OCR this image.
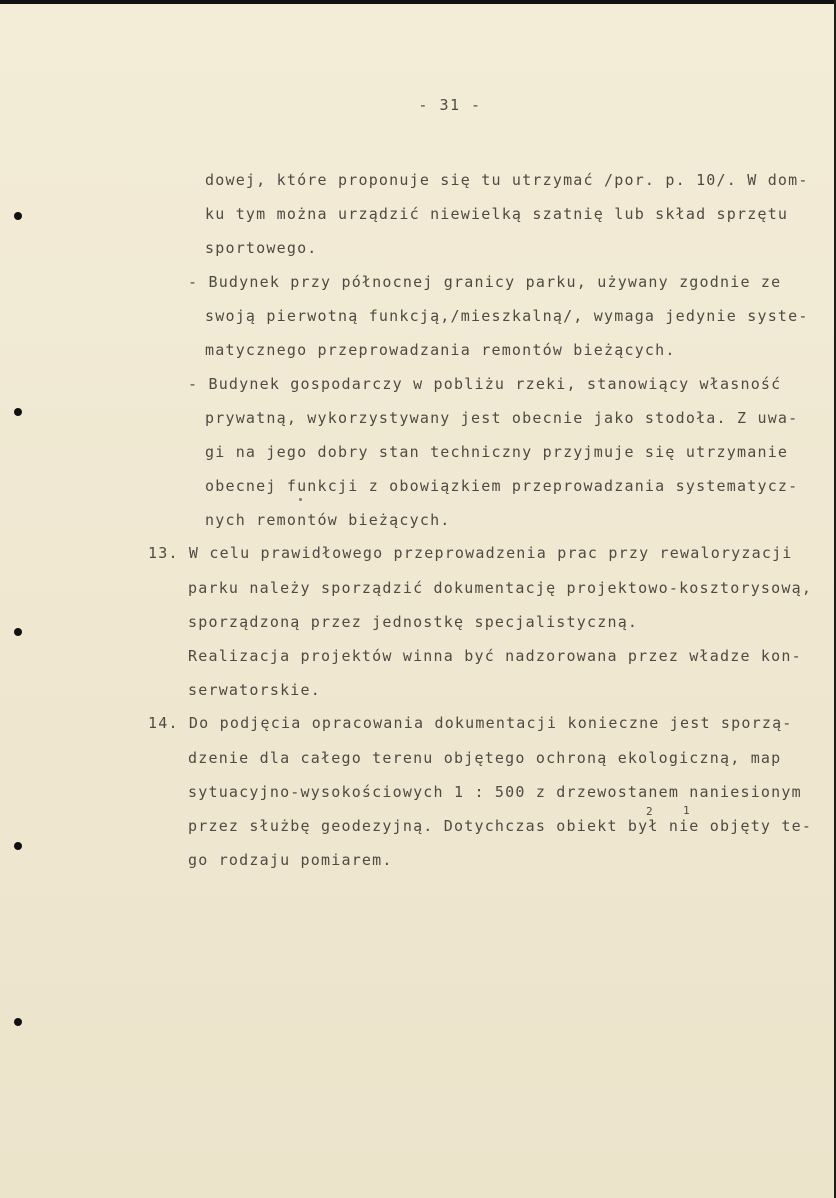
- 31 -
dowej, które proponuje się tu utrzymać /por. p. 10/. W dom-
ku tym można urządzić niewielką szatnię lub skład sprzętu
sportowego.
- Budynek przy północnej granicy parku, używany zgodnie ze
swoją pierwotną funkcją,/mieszkalną/, wymaga jedynie syste-
matycznego przeprowadzania remontów bieżących.
- Budynek gospodarczy w pobliżu rzeki, stanowiący własność
prywatną, wykorzystywany jest obecnie jako stodoła. Z uwa-
gi na jego dobry stan techniczny przyjmuje się utrzymanie
obecnej funkcji z obowiązkiem przeprowadzania systematycz-
nych remontów bieżących.
13. W celu prawidłowego przeprowadzenia prac przy rewaloryzacji
parku należy sporządzić dokumentację projektowo-kosztorysową,
sporządzoną przez jednostkę specjalistyczną.
Realizacja projektów winna być nadzorowana przez władze kon-
serwatorskie.
14. Do podjęcia opracowania dokumentacji konieczne jest sporzą-
dzenie dla całego terenu objętego ochroną ekologiczną, map
sytuacyjno-wysokościowych 1 : 500 z drzewostanem naniesionym
przez służbę geodezyjną. Dotychczas obiekt był nie objęty te-
go rodzaju pomiarem.
2	1
